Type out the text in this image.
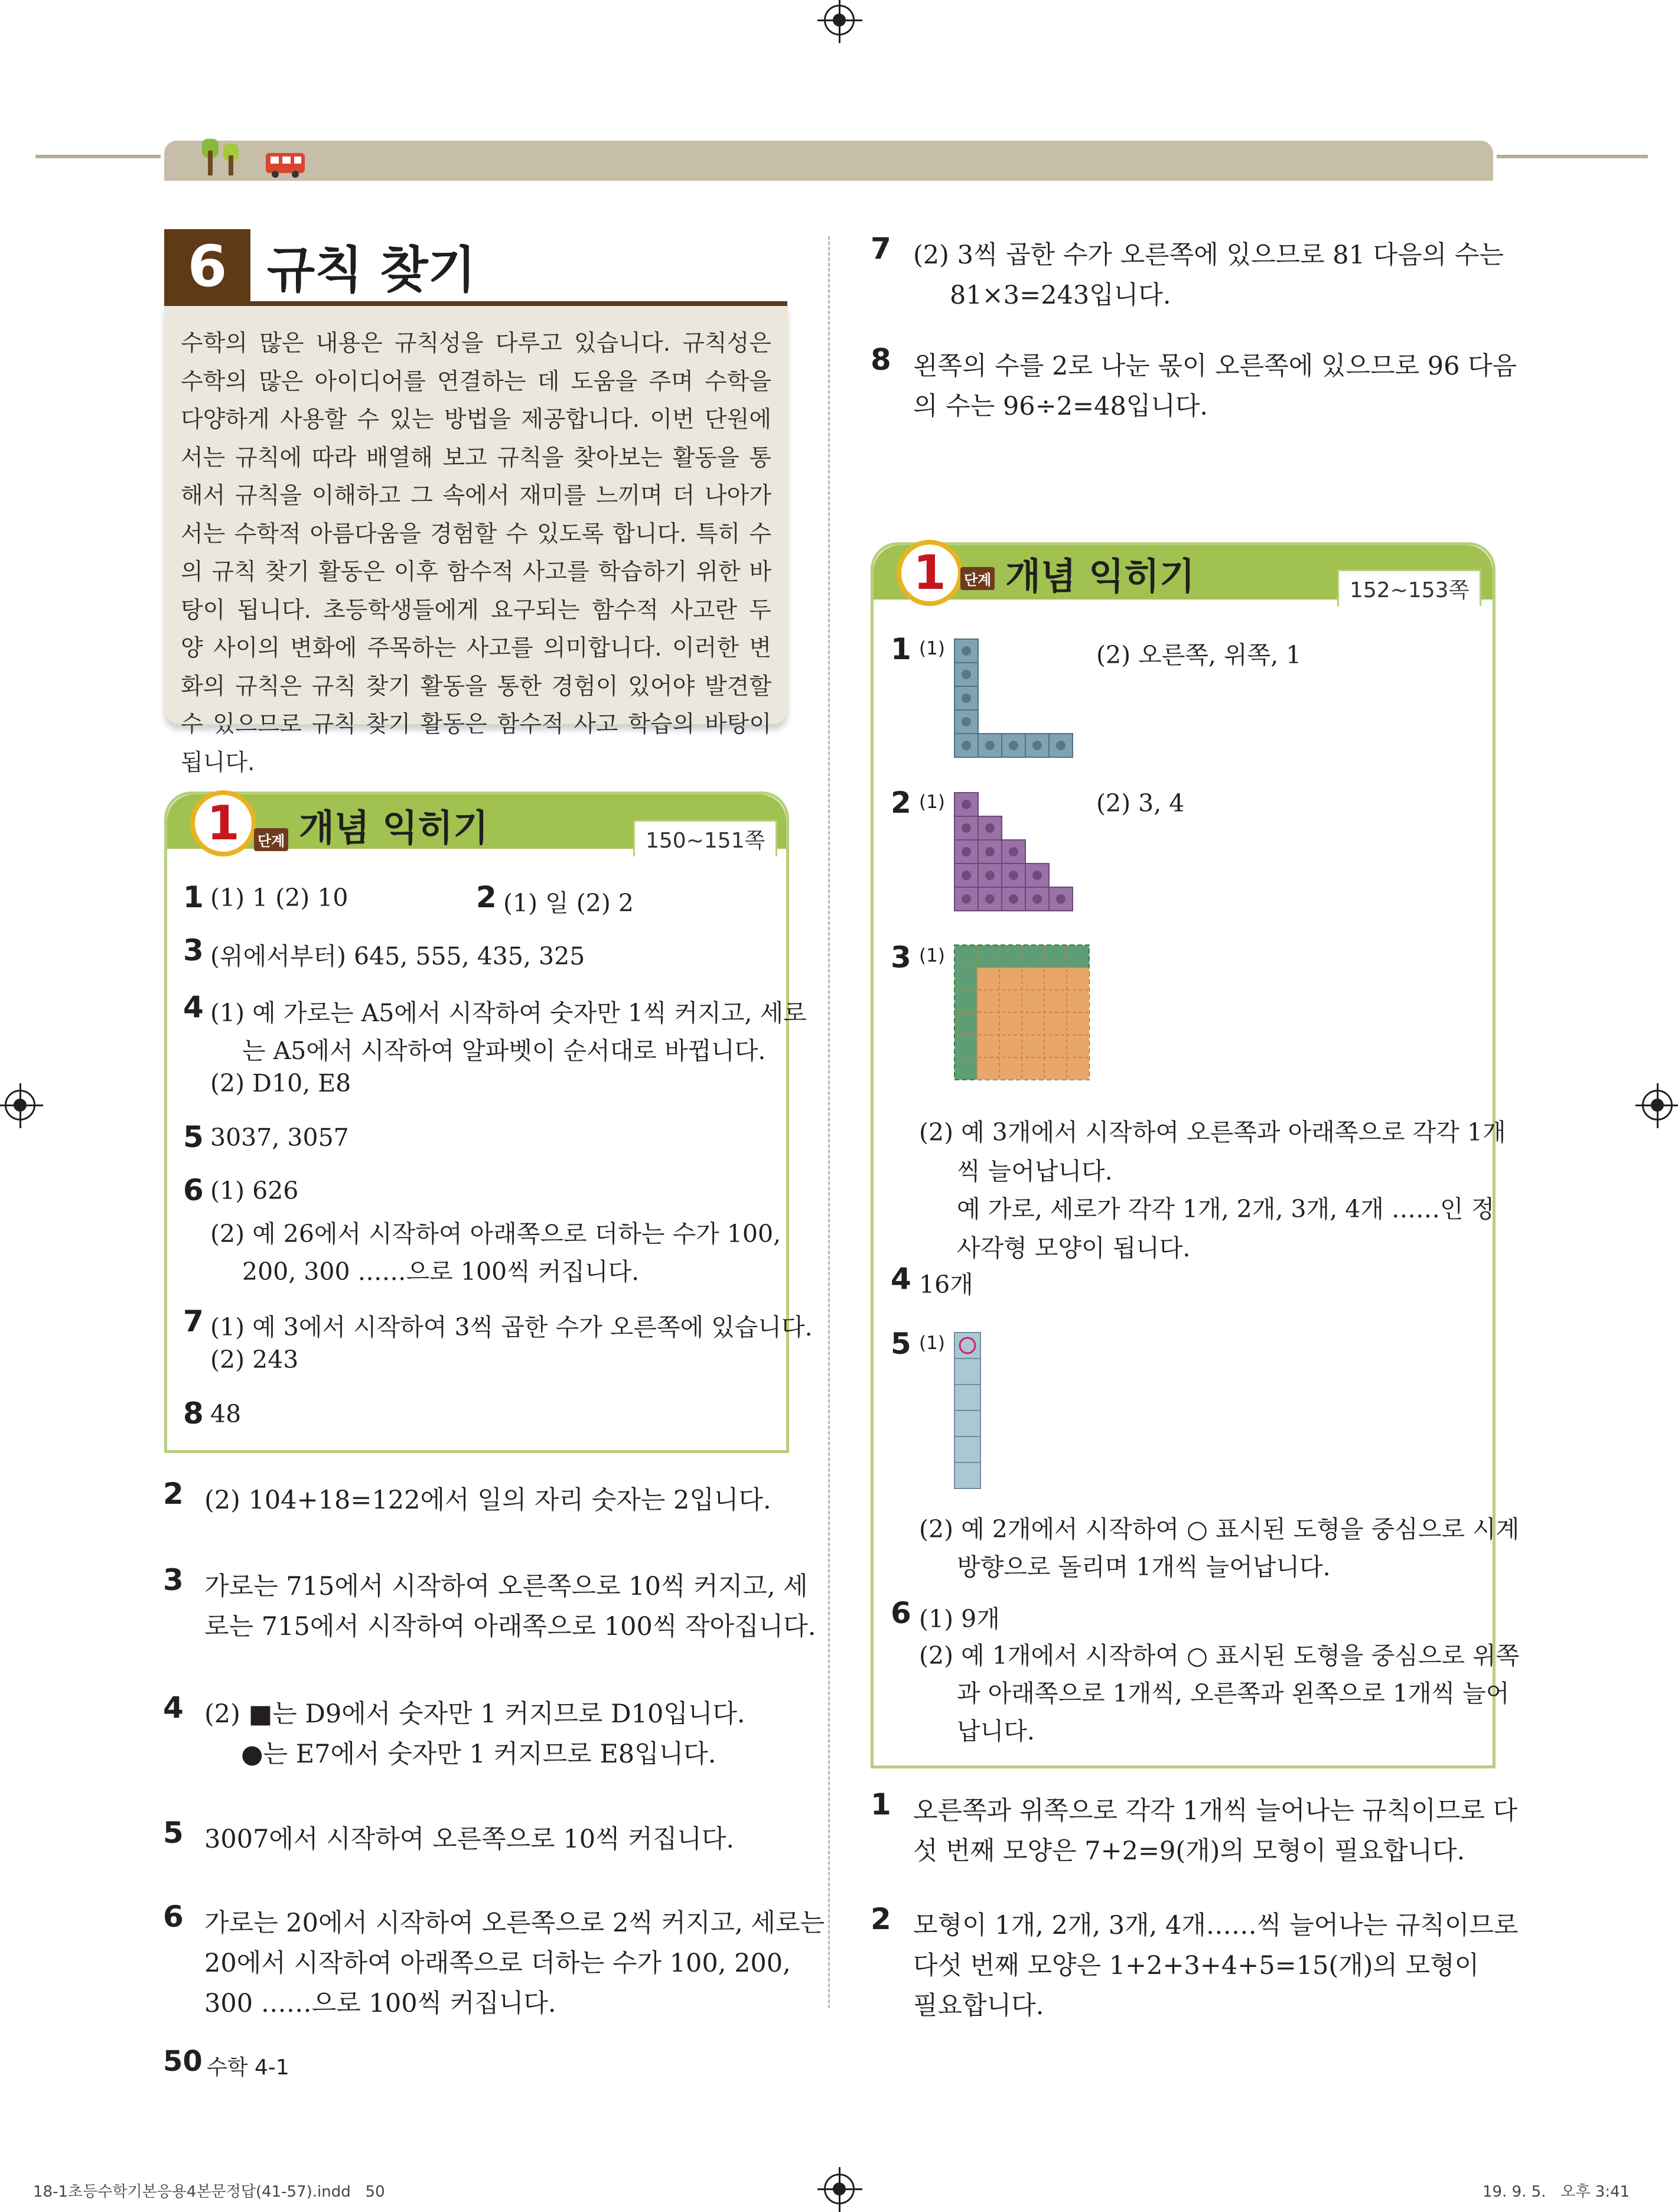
6 규칙 찾기
수학의 많은 내용은 규칙성을 다루고 있습니다. 규칙성은 수학의 많은 아이디어를 연결하는 데 도움을 주며 수학을 다양하게 사용할 수 있는 방법을 제공합니다. 이번 단원에서는 규칙에 따라 배열해 보고 규칙을 찾아보는 활동을 통해서 규칙을 이해하고 그 속에서 재미를 느끼며 더 나아가서는 수학적 아름다움을 경험할 수 있도록 합니다. 특히 수의 규칙 찾기 활동은 이후 함수적 사고를 학습하기 위한 바탕이 됩니다. 초등학생들에게 요구되는 함수적 사고란 두 양 사이의 변화에 주목하는 사고를 의미합니다. 이러한 변화의 규칙은 규칙 찾기 활동을 통한 경험이 있어야 발견할 수 있으므로 규칙 찾기 활동은 함수적 사고 학습의 바탕이 됩니다.
1	단계 개념 익히기	150~151쪽
1 (1) 1 (2) 10	2 (1) 일 (2) 2
3 (위에서부터) 645, 555, 435, 325
4 (1) 예 가로는 A5에서 시작하여 숫자만 1씩 커지고, 세로
는 A5에서 시작하여 알파벳이 순서대로 바뀝니다.
(2) D10, E8
5 3037, 3057
6 (1) 626
(2) 예 26에서 시작하여 아래쪽으로 더하는 수가 100,
200, 300 ……으로 100씩 커집니다.
7 (1) 예 3에서 시작하여 3씩 곱한 수가 오른쪽에 있습니다.
(2) 243
8 48
2 (2) 104+18=122에서 일의 자리 숫자는 2입니다.
3 가로는 715에서 시작하여 오른쪽으로 10씩 커지고, 세
로는 715에서 시작하여 아래쪽으로 100씩 작아집니다.
4 (2) ■는 D9에서 숫자만 1 커지므로 D10입니다.
●는 E7에서 숫자만 1 커지므로 E8입니다.
5 3007에서 시작하여 오른쪽으로 10씩 커집니다.
6 가로는 20에서 시작하여 오른쪽으로 2씩 커지고, 세로는
20에서 시작하여 아래쪽으로 더하는 수가 100, 200,
300 ……으로 100씩 커집니다.
7 (2) 3씩 곱한 수가 오른쪽에 있으므로 81 다음의 수는
81×3=243입니다.
8 왼쪽의 수를 2로 나눈 몫이 오른쪽에 있으므로 96 다음
의 수는 96÷2=48입니다.
1	단계 개념 익히기	152~153쪽
1 (1)	(2) 오른쪽, 위쪽, 1
2 (1)	(2) 3, 4
3 (1)
(2) 예 3개에서 시작하여 오른쪽과 아래쪽으로 각각 1개
씩 늘어납니다.
예 가로, 세로가 각각 1개, 2개, 3개, 4개 ……인 정
사각형 모양이 됩니다.
4 16개
5 (1)
(2) 예 2개에서 시작하여 ○ 표시된 도형을 중심으로 시계
방향으로 돌리며 1개씩 늘어납니다.
6 (1) 9개
(2) 예 1개에서 시작하여 ○ 표시된 도형을 중심으로 위쪽
과 아래쪽으로 1개씩, 오른쪽과 왼쪽으로 1개씩 늘어
납니다.
1 오른쪽과 위쪽으로 각각 1개씩 늘어나는 규칙이므로 다
섯 번째 모양은 7+2=9(개)의 모형이 필요합니다.
2 모형이 1개, 2개, 3개, 4개……씩 늘어나는 규칙이므로
다섯 번째 모양은 1+2+3+4+5=15(개)의 모형이
필요합니다.
50 수학 4-1
18-1초등수학기본응용4본문정답(41-57).indd   50	19. 9. 5.   오후 3:41
